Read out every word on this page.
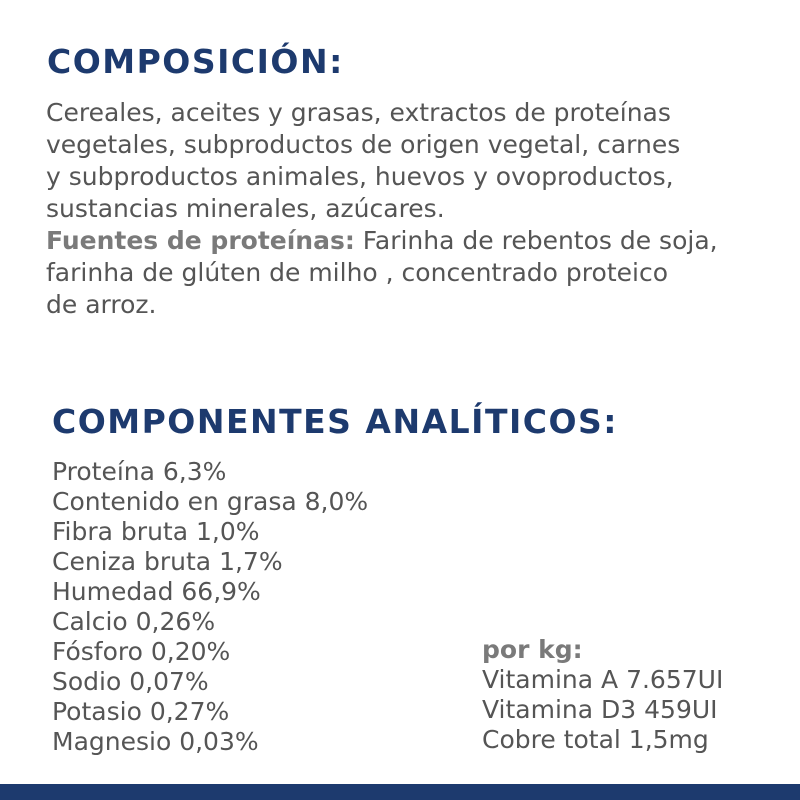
COMPOSICIÓN:
Cereales, aceites y grasas, extractos de proteínas
vegetales, subproductos de origen vegetal, carnes
y subproductos animales, huevos y ovoproductos,
sustancias minerales, azúcares.
Fuentes de proteínas: Farinha de rebentos de soja,
farinha de glúten de milho , concentrado proteico
de arroz.
COMPONENTES ANALÍTICOS:
Proteína 6,3%
Contenido en grasa 8,0%
Fibra bruta 1,0%
Ceniza bruta 1,7%
Humedad 66,9%
Calcio 0,26%
Fósforo 0,20%
Sodio 0,07%
Potasio 0,27%
Magnesio 0,03%
por kg:
Vitamina A 7.657UI
Vitamina D3 459UI
Cobre total 1,5mg
